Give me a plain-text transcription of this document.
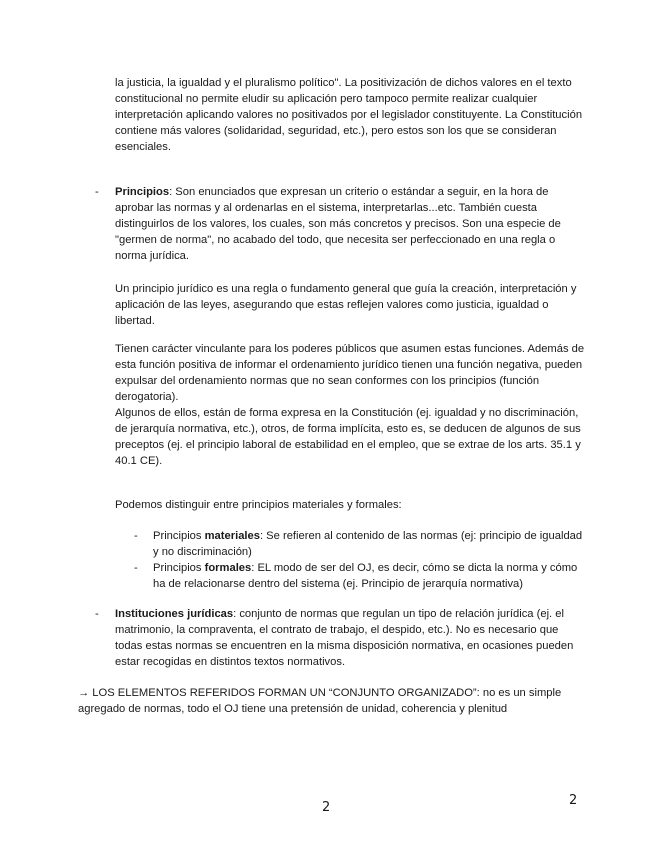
la justicia, la igualdad y el pluralismo político". La positivización de dichos valores en el texto constitucional no permite eludir su aplicación pero tampoco permite realizar cualquier interpretación aplicando valores no positivados por el legislador constituyente. La Constitución contiene más valores (solidaridad, seguridad, etc.), pero estos son los que se consideran esenciales.

- Principios: Son enunciados que expresan un criterio o estándar a seguir, en la hora de aprobar las normas y al ordenarlas en el sistema, interpretarlas...etc. También cuesta distinguirlos de los valores, los cuales, son más concretos y precisos. Son una especie de "germen de norma", no acabado del todo, que necesita ser perfeccionado en una regla o norma jurídica.

Un principio jurídico es una regla o fundamento general que guía la creación, interpretación y aplicación de las leyes, asegurando que estas reflejen valores como justicia, igualdad o libertad.

Tienen carácter vinculante para los poderes públicos que asumen estas funciones. Además de esta función positiva de informar el ordenamiento jurídico tienen una función negativa, pueden expulsar del ordenamiento normas que no sean conformes con los principios (función derogatoria).

Algunos de ellos, están de forma expresa en la Constitución (ej. igualdad y no discriminación, de jerarquía normativa, etc.), otros, de forma implícita, esto es, se deducen de algunos de sus preceptos (ej. el principio laboral de estabilidad en el empleo, que se extrae de los arts. 35.1 y 40.1 CE).

Podemos distinguir entre principios materiales y formales:

- Principios materiales: Se refieren al contenido de las normas (ej: principio de igualdad y no discriminación)

- Principios formales: EL modo de ser del OJ, es decir, cómo se dicta la norma y cómo ha de relacionarse dentro del sistema (ej. Principio de jerarquía normativa)

- Instituciones jurídicas: conjunto de normas que regulan un tipo de relación jurídica (ej. el matrimonio, la compraventa, el contrato de trabajo, el despido, etc.). No es necesario que todas estas normas se encuentren en la misma disposición normativa, en ocasiones pueden estar recogidas en distintos textos normativos.

→ LOS ELEMENTOS REFERIDOS FORMAN UN “CONJUNTO ORGANIZADO”: no es un simple agregado de normas, todo el OJ tiene una pretensión de unidad, coherencia y plenitud

2	2
